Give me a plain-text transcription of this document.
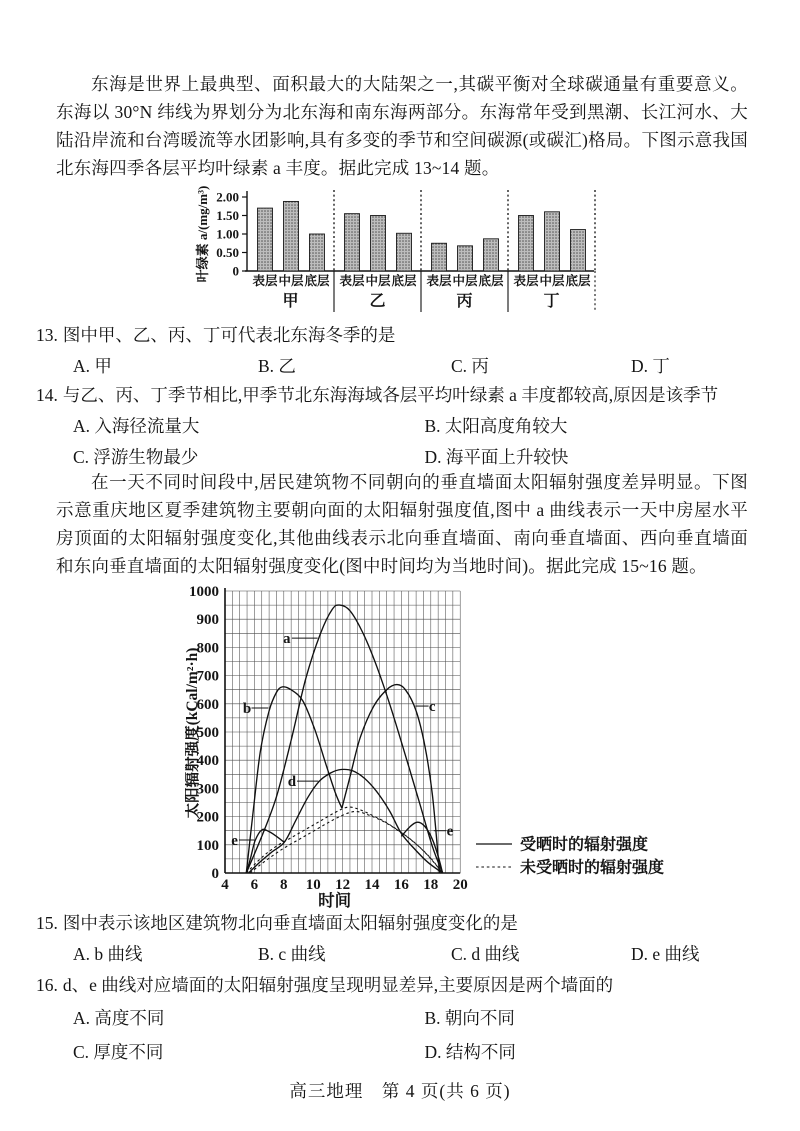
东海是世界上最典型、面积最大的大陆架之一,其碳平衡对全球碳通量有重要意义。东海以 30°N 纬线为界划分为北东海和南东海两部分。东海常年受到黑潮、长江河水、大陆沿岸流和台湾暖流等水团影响,具有多变的季节和空间碳源(或碳汇)格局。下图示意我国北东海四季各层平均叶绿素 a 丰度。据此完成 13~14 题。
0
0.50
1.00
1.50
2.00
叶绿素 a/(mg/m³)	表层 中层 底层
甲
表层 中层 底层
乙
表层 中层 底层
丙
表层 中层 底层
丁
13. 图中甲、乙、丙、丁可代表北东海冬季的是
A. 甲	B. 乙	C. 丙	D. 丁
14. 与乙、丙、丁季节相比,甲季节北东海海域各层平均叶绿素 a 丰度都较高,原因是该季节
A. 入海径流量大	B. 太阳高度角较大
C. 浮游生物最少	D. 海平面上升较快
在一天不同时间段中,居民建筑物不同朝向的垂直墙面太阳辐射强度差异明显。下图示意重庆地区夏季建筑物主要朝向面的太阳辐射强度值,图中 a 曲线表示一天中房屋水平房顶面的太阳辐射强度变化,其他曲线表示北向垂直墙面、南向垂直墙面、西向垂直墙面和东向垂直墙面的太阳辐射强度变化(图中时间均为当地时间)。据此完成 15~16 题。
0
100
200
300
400
500
600
700
800
900
1000
4 6 8 10 12 14 16 18 20
时间
太阳辐射强度(kCal/m²·h)
a
b	c
d
e
e
受晒时的辐射强度
未受晒时的辐射强度
15. 图中表示该地区建筑物北向垂直墙面太阳辐射强度变化的是
A. b 曲线	B. c 曲线	C. d 曲线	D. e 曲线
16. d、e 曲线对应墙面的太阳辐射强度呈现明显差异,主要原因是两个墙面的
A. 高度不同	B. 朝向不同
C. 厚度不同	D. 结构不同
高三地理　第 4 页(共 6 页)
